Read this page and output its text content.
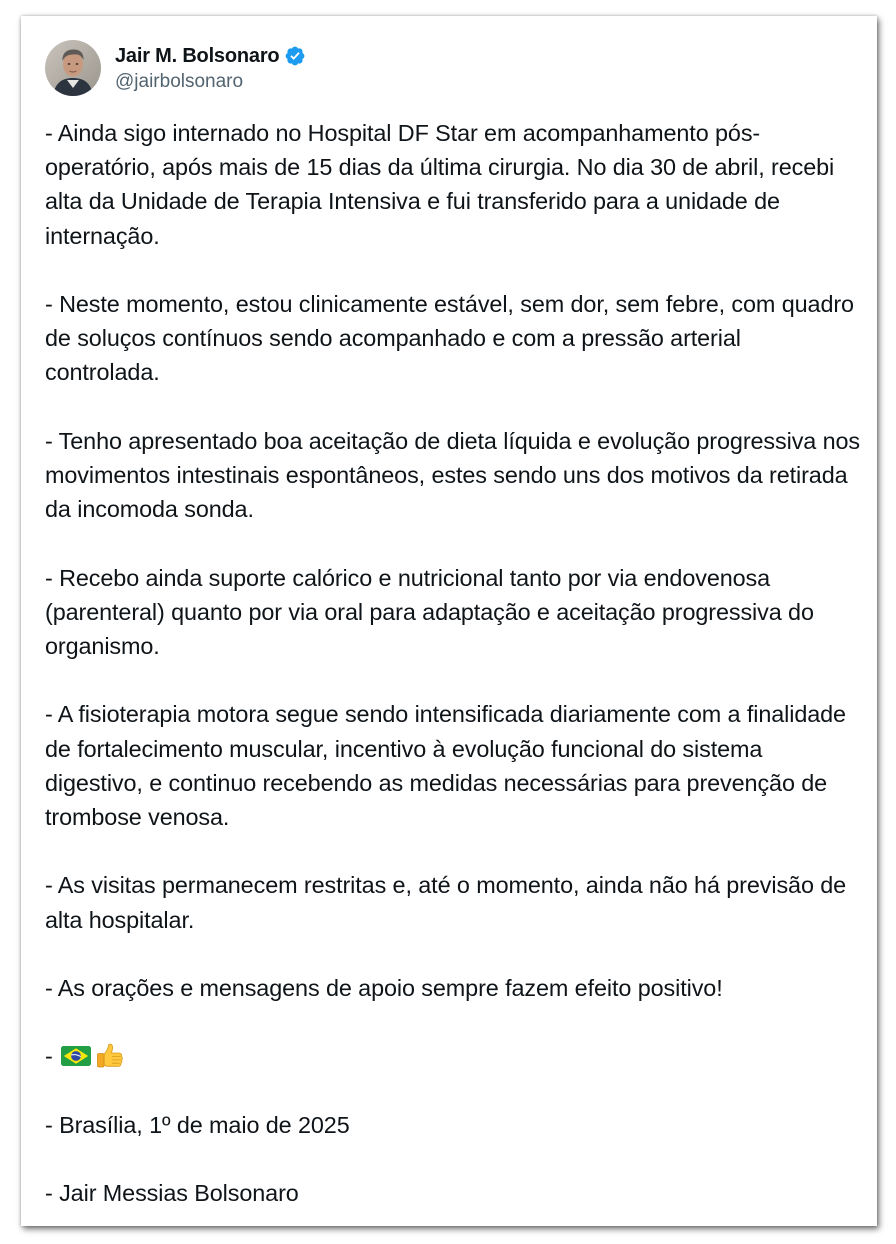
Jair M. Bolsonaro
@jairbolsonaro

- Ainda sigo internado no Hospital DF Star em acompanhamento pós-operatório, após mais de 15 dias da última cirurgia. No dia 30 de abril, recebi alta da Unidade de Terapia Intensiva e fui transferido para a unidade de internação.

- Neste momento, estou clinicamente estável, sem dor, sem febre, com quadro de soluços contínuos sendo acompanhado e com a pressão arterial controlada.

- Tenho apresentado boa aceitação de dieta líquida e evolução progressiva nos movimentos intestinais espontâneos, estes sendo uns dos motivos da retirada da incomoda sonda.

- Recebo ainda suporte calórico e nutricional tanto por via endovenosa (parenteral) quanto por via oral para adaptação e aceitação progressiva do organismo.

- A fisioterapia motora segue sendo intensificada diariamente com a finalidade de fortalecimento muscular, incentivo à evolução funcional do sistema digestivo, e continuo recebendo as medidas necessárias para prevenção de trombose venosa.

- As visitas permanecem restritas e, até o momento, ainda não há previsão de alta hospitalar.

- As orações e mensagens de apoio sempre fazem efeito positivo!

-

- Brasília, 1º de maio de 2025

- Jair Messias Bolsonaro
